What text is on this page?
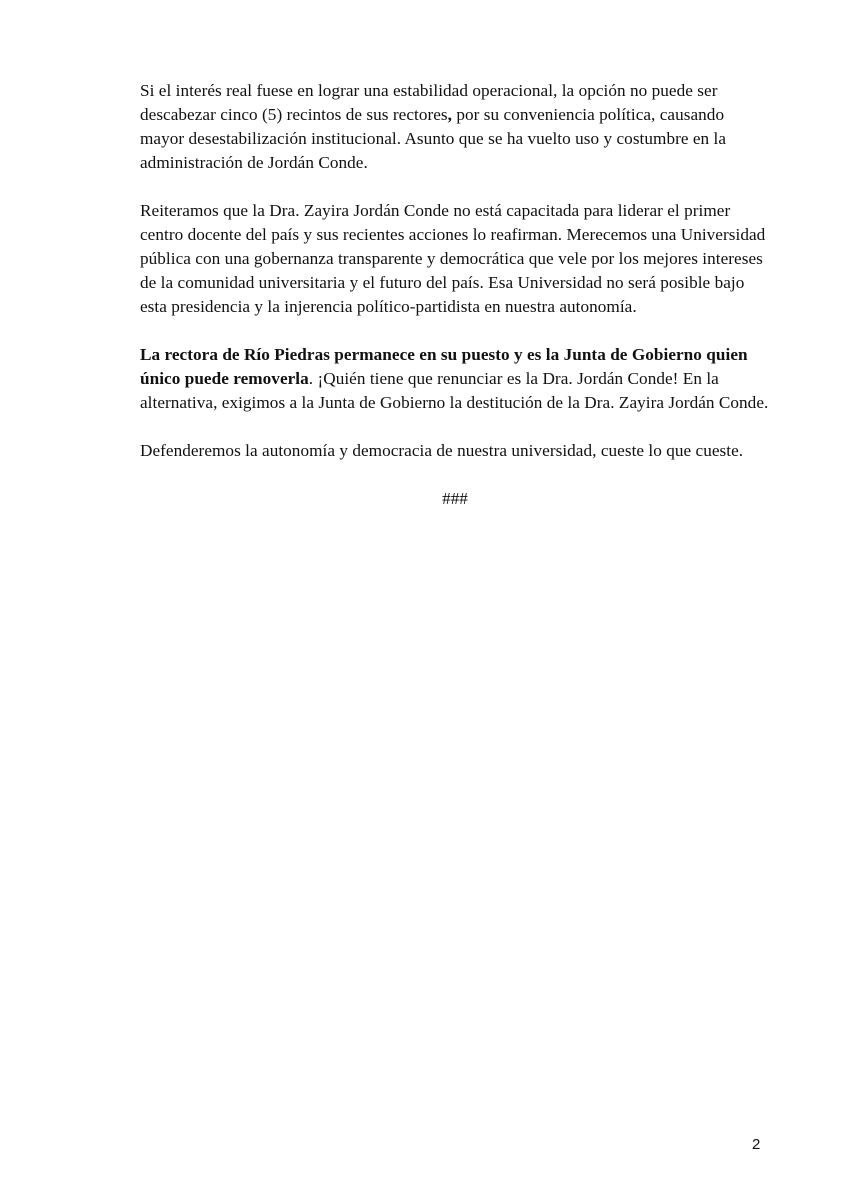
Si el interés real fuese en lograr una estabilidad operacional, la opción no puede ser descabezar cinco (5) recintos de sus rectores, por su conveniencia política, causando mayor desestabilización institucional. Asunto que se ha vuelto uso y costumbre en la administración de Jordán Conde.

Reiteramos que la Dra. Zayira Jordán Conde no está capacitada para liderar el primer centro docente del país y sus recientes acciones lo reafirman. Merecemos una Universidad pública con una gobernanza transparente y democrática que vele por los mejores intereses de la comunidad universitaria y el futuro del país. Esa Universidad no será posible bajo esta presidencia y la injerencia político-partidista en nuestra autonomía.

La rectora de Río Piedras permanece en su puesto y es la Junta de Gobierno quien único puede removerla. ¡Quién tiene que renunciar es la Dra. Jordán Conde! En la alternativa, exigimos a la Junta de Gobierno la destitución de la Dra. Zayira Jordán Conde.

Defenderemos la autonomía y democracia de nuestra universidad, cueste lo que cueste.

###
2
